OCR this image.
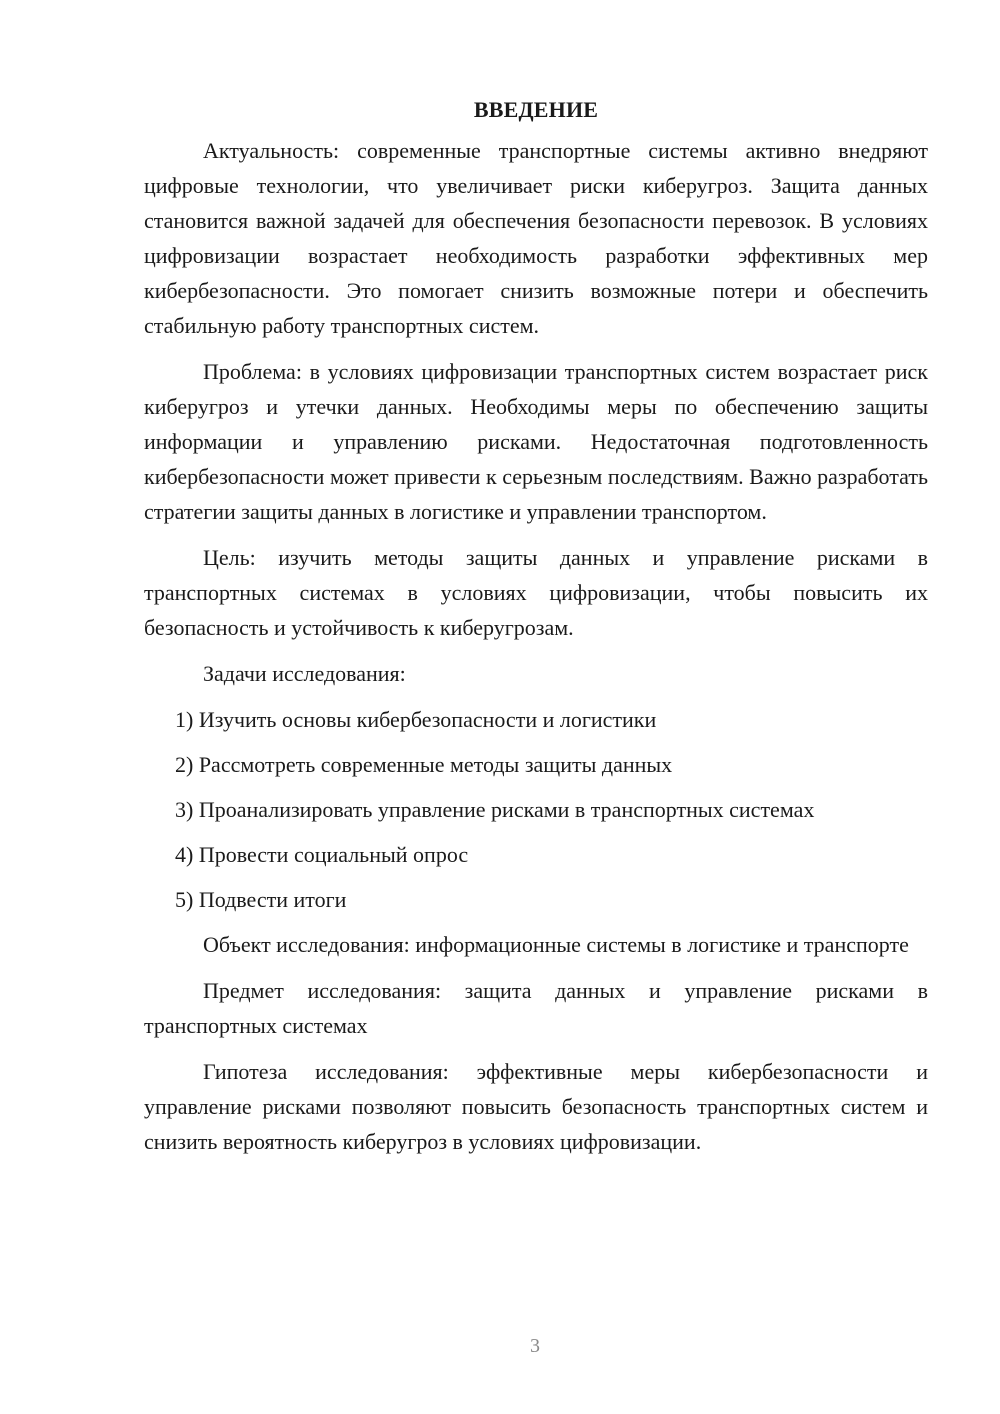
ВВЕДЕНИЕ

Актуальность: современные транспортные системы активно внедряют цифровые технологии, что увеличивает риски киберугроз. Защита данных становится важной задачей для обеспечения безопасности перевозок. В условиях цифровизации возрастает необходимость разработки эффективных мер кибербезопасности. Это помогает снизить возможные потери и обеспечить стабильную работу транспортных систем.

Проблема: в условиях цифровизации транспортных систем возрастает риск киберугроз и утечки данных. Необходимы меры по обеспечению защиты информации и управлению рисками. Недостаточная подготовленность кибербезопасности может привести к серьезным последствиям. Важно разработать стратегии защиты данных в логистике и управлении транспортом.

Цель: изучить методы защиты данных и управление рисками в транспортных системах в условиях цифровизации, чтобы повысить их безопасность и устойчивость к киберугрозам.

Задачи исследования:

1) Изучить основы кибербезопасности и логистики

2) Рассмотреть современные методы защиты данных

3) Проанализировать управление рисками в транспортных системах

4) Провести социальный опрос

5) Подвести итоги

Объект исследования: информационные системы в логистике и транспорте

Предмет исследования: защита данных и управление рисками в транспортных системах

Гипотеза исследования: эффективные меры кибербезопасности и управление рисками позволяют повысить безопасность транспортных систем и снизить вероятность киберугроз в условиях цифровизации.

3
